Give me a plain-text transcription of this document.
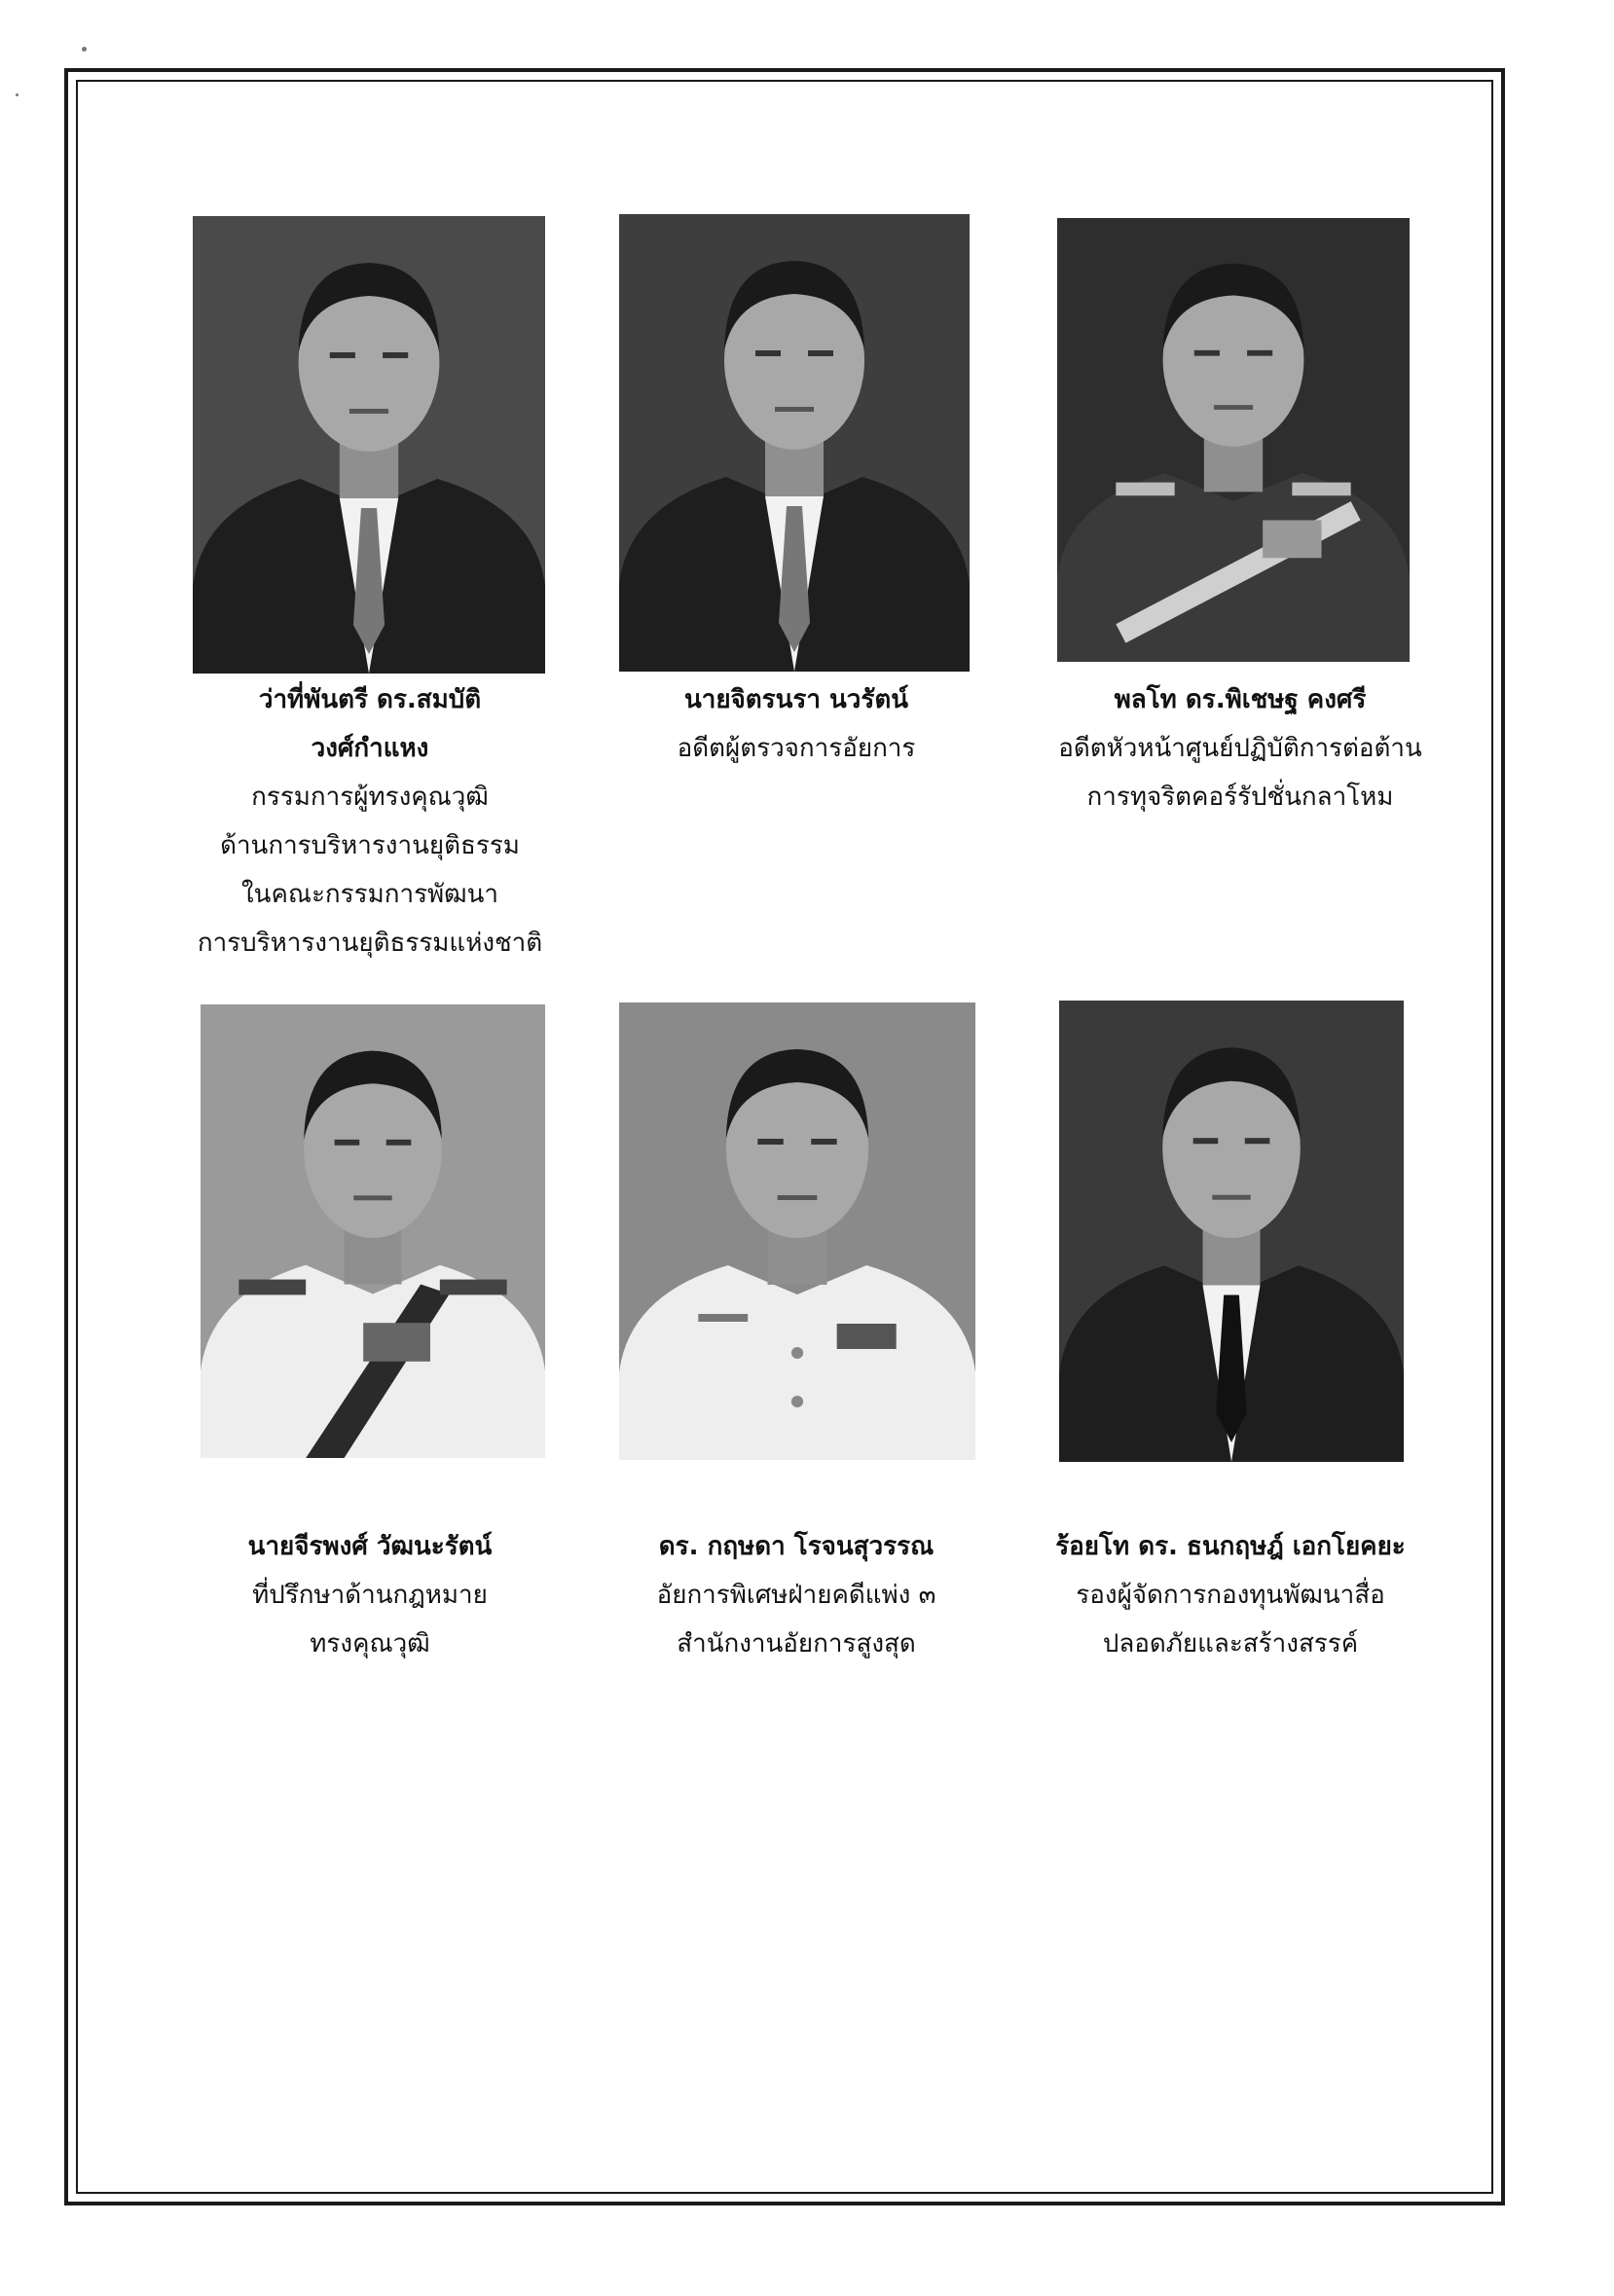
ว่าที่พันตรี ดร.สมบัติ
วงศ์กำแหง
กรรมการผู้ทรงคุณวุฒิ
ด้านการบริหารงานยุติธรรม
ในคณะกรรมการพัฒนา
การบริหารงานยุติธรรมแห่งชาติ
นายจิตรนรา นวรัตน์
อดีตผู้ตรวจการอัยการ
พลโท ดร.พิเชษฐ คงศรี
อดีตหัวหน้าศูนย์ปฏิบัติการต่อต้าน
การทุจริตคอร์รัปชั่นกลาโหม
นายจีรพงศ์ วัฒนะรัตน์
ที่ปรึกษาด้านกฎหมาย
ทรงคุณวุฒิ
ดร. กฤษดา โรจนสุวรรณ
อัยการพิเศษฝ่ายคดีแพ่ง ๓
สำนักงานอัยการสูงสุด
ร้อยโท ดร. ธนกฤษฎ์ เอกโยคยะ
รองผู้จัดการกองทุนพัฒนาสื่อ
ปลอดภัยและสร้างสรรค์
